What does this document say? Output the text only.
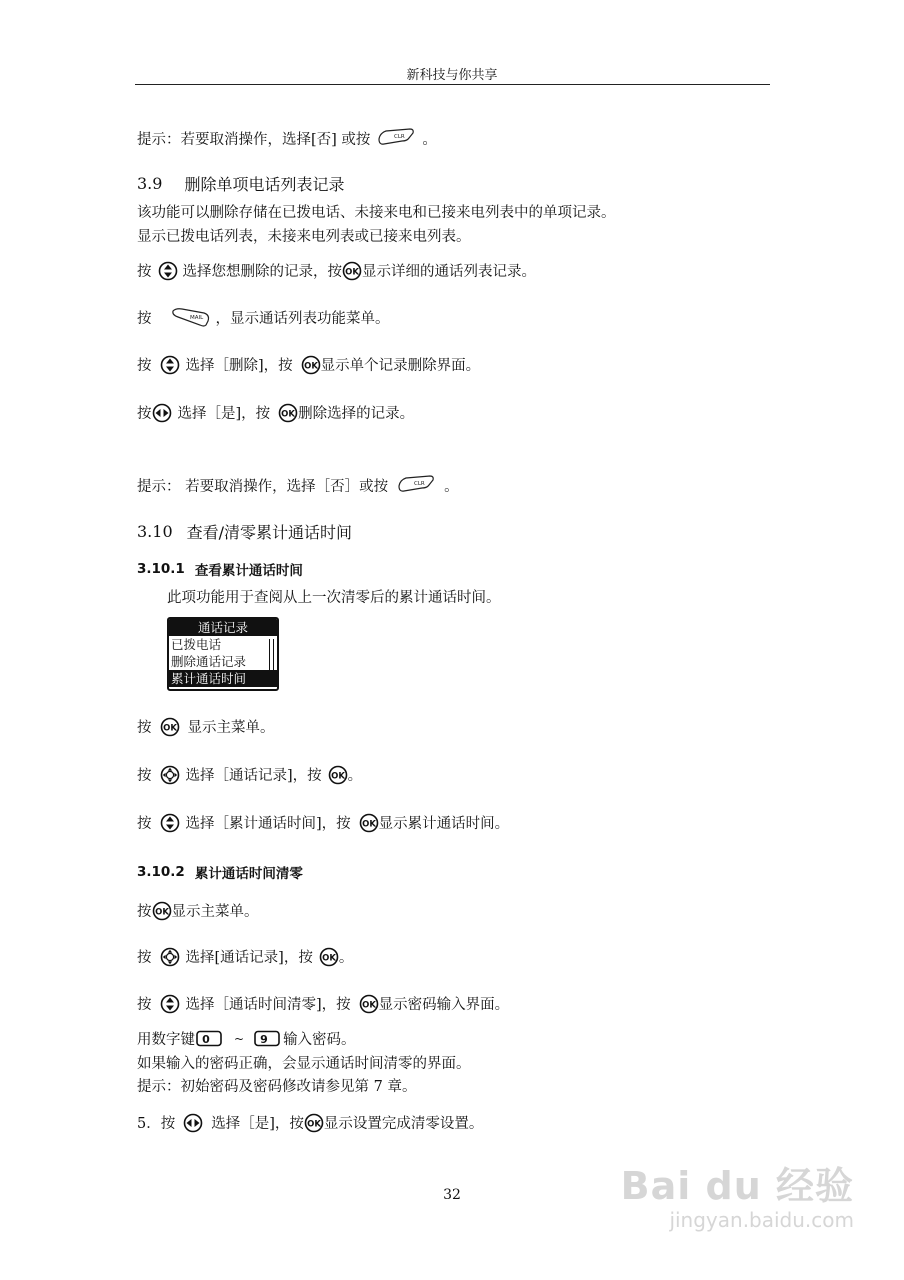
新科技与你共享
提示：若要取消操作，选择[否] 或按	CLR 。
3.9 删除单项电话列表记录
该功能可以删除存储在已拨电话、未接来电和已接来电列表中的单项记录。
显示已拨电话列表，未接来电列表或已接来电列表。
按 选择您想删除的记录，按 显示详细的通话列表记录。
按	MAIL ，显示通话列表功能菜单。
按 选择［删除]，按 显示单个记录删除界面。
按 选择［是]，按 删除选择的记录。
提示： 若要取消操作，选择［否］或按	CLR 。
3.10 查看/清零累计通话时间
3.10.1 查看累计通话时间
此项功能用于查阅从上一次清零后的累计通话时间。
通话记录
已拨电话
删除通话记录
累计通话时间
按 显示主菜单。
按 选择［通话记录]，按 。
按 选择［累计通话时间]，按 显示累计通话时间。
3.10.2 累计通话时间清零
按 显示主菜单。
按 选择[通话记录]，按 。
按 选择［通话时间清零]，按 显示密码输入界面。
用数字键 0 ~ 9 输入密码。
如果输入的密码正确，会显示通话时间清零的界面。
提示：初始密码及密码修改请参见第 7 章。
5．按 选择［是]，按 显示设置完成清零设置。
32	Bai du 经验
jingyan.baidu.com
